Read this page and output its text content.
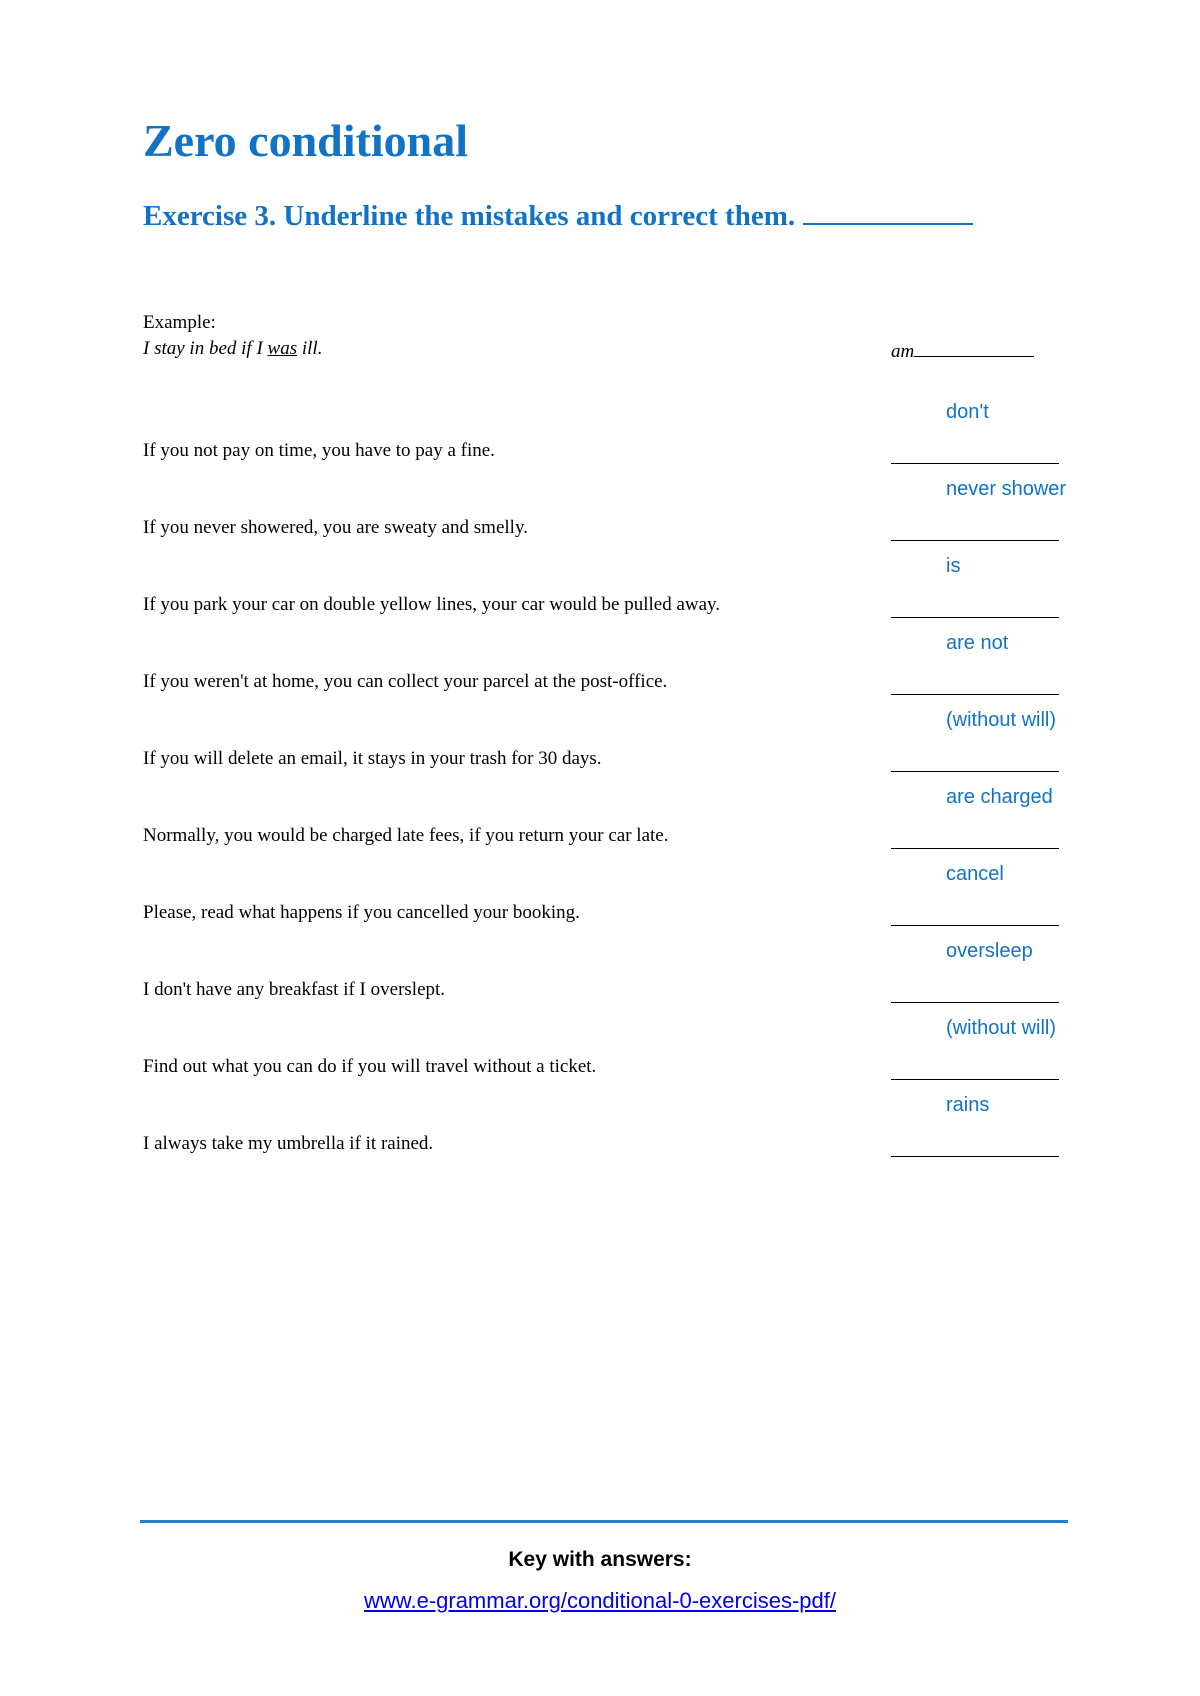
Zero conditional
Exercise 3. Underline the mistakes and correct them.
Example:
I stay in bed if I was ill.	am
If you not pay on time, you have to pay a fine.
don't
If you never showered, you are sweaty and smelly.
never shower
If you park your car on double yellow lines, your car would be pulled away.
is
If you weren't at home, you can collect your parcel at the post-office.
are not
If you will delete an email, it stays in your trash for 30 days.
(without will)
Normally, you would be charged late fees, if you return your car late.
are charged
Please, read what happens if you cancelled your booking.
cancel
I don't have any breakfast if I overslept.
oversleep
Find out what you can do if you will travel without a ticket.
(without will)
I always take my umbrella if it rained.
rains
Key with answers:
www.e-grammar.org/conditional-0-exercises-pdf/
